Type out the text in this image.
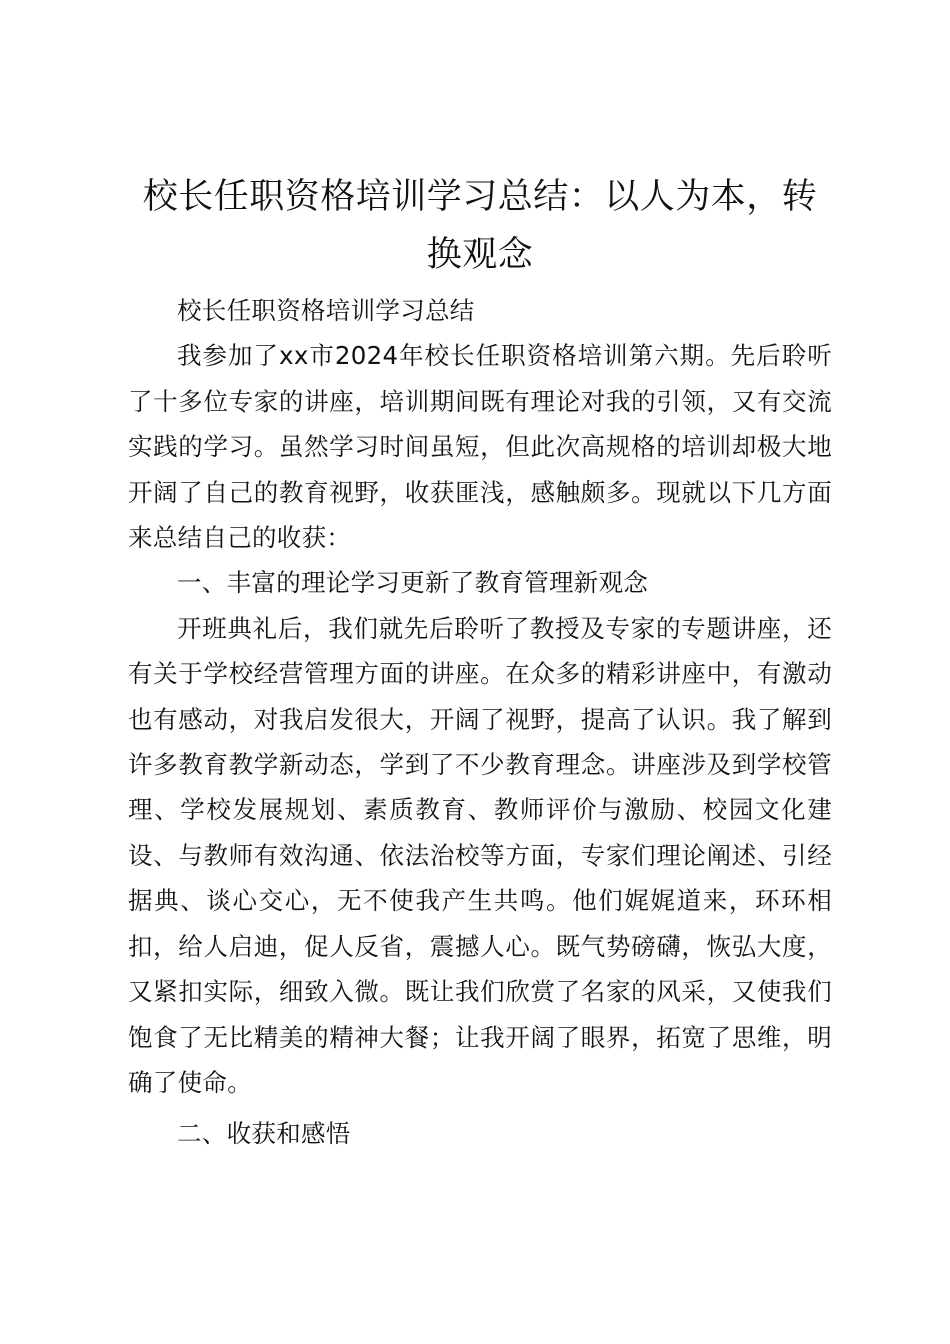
校长任职资格培训学习总结：以人为本，转换观念

校长任职资格培训学习总结

我参加了xx市2024年校长任职资格培训第六期。先后聆听了十多位专家的讲座，培训期间既有理论对我的引领，又有交流实践的学习。虽然学习时间虽短，但此次高规格的培训却极大地开阔了自己的教育视野，收获匪浅，感触颇多。现就以下几方面来总结自己的收获：

一、丰富的理论学习更新了教育管理新观念

开班典礼后，我们就先后聆听了教授及专家的专题讲座，还有关于学校经营管理方面的讲座。在众多的精彩讲座中，有激动也有感动，对我启发很大，开阔了视野，提高了认识。我了解到许多教育教学新动态，学到了不少教育理念。讲座涉及到学校管理、学校发展规划、素质教育、教师评价与激励、校园文化建设、与教师有效沟通、依法治校等方面，专家们理论阐述、引经据典、谈心交心，无不使我产生共鸣。他们娓娓道来，环环相扣，给人启迪，促人反省，震撼人心。既气势磅礴，恢弘大度，又紧扣实际，细致入微。既让我们欣赏了名家的风采，又使我们饱食了无比精美的精神大餐；让我开阔了眼界，拓宽了思维，明确了使命。

二、收获和感悟
